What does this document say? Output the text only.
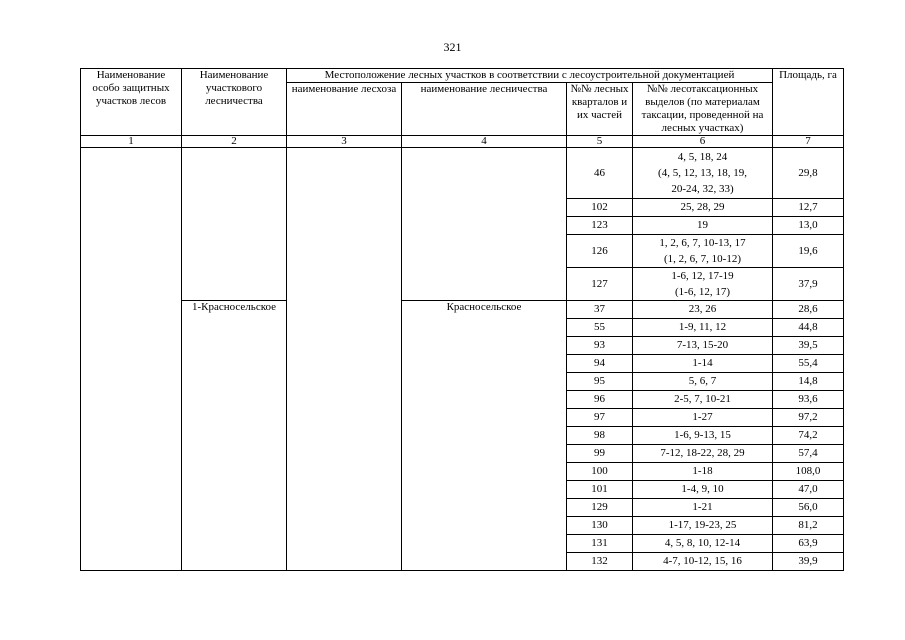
321
Наименование особо защитных участков лесов	Наименование участкового лесничества	Местоположение лесных участков в соответствии с лесоустроительной документацией				Площадь, га
		наименование лесхоза	наименование лесничества	№№ лесных кварталов и их частей	№№ лесотаксационных выделов (по материалам таксации, проведенной на лесных участках)	
1	2	3	4	5	6	7
				46	4, 5, 18, 24
(4, 5, 12, 13, 18, 19,
20-24, 32, 33)	29,8
				102	25, 28, 29	12,7
				123	19	13,0
				126	1, 2, 6, 7, 10-13, 17
(1, 2, 6, 7, 10-12)	19,6
				127	1-6, 12, 17-19
(1-6, 12, 17)	37,9
	1-Красносельское		Красносельское	37	23, 26	28,6
				55	1-9, 11, 12	44,8
				93	7-13, 15-20	39,5
				94	1-14	55,4
				95	5, 6, 7	14,8
				96	2-5, 7, 10-21	93,6
				97	1-27	97,2
				98	1-6, 9-13, 15	74,2
				99	7-12, 18-22, 28, 29	57,4
				100	1-18	108,0
				101	1-4, 9, 10	47,0
				129	1-21	56,0
				130	1-17, 19-23, 25	81,2
				131	4, 5, 8, 10, 12-14	63,9
				132	4-7, 10-12, 15, 16	39,9
